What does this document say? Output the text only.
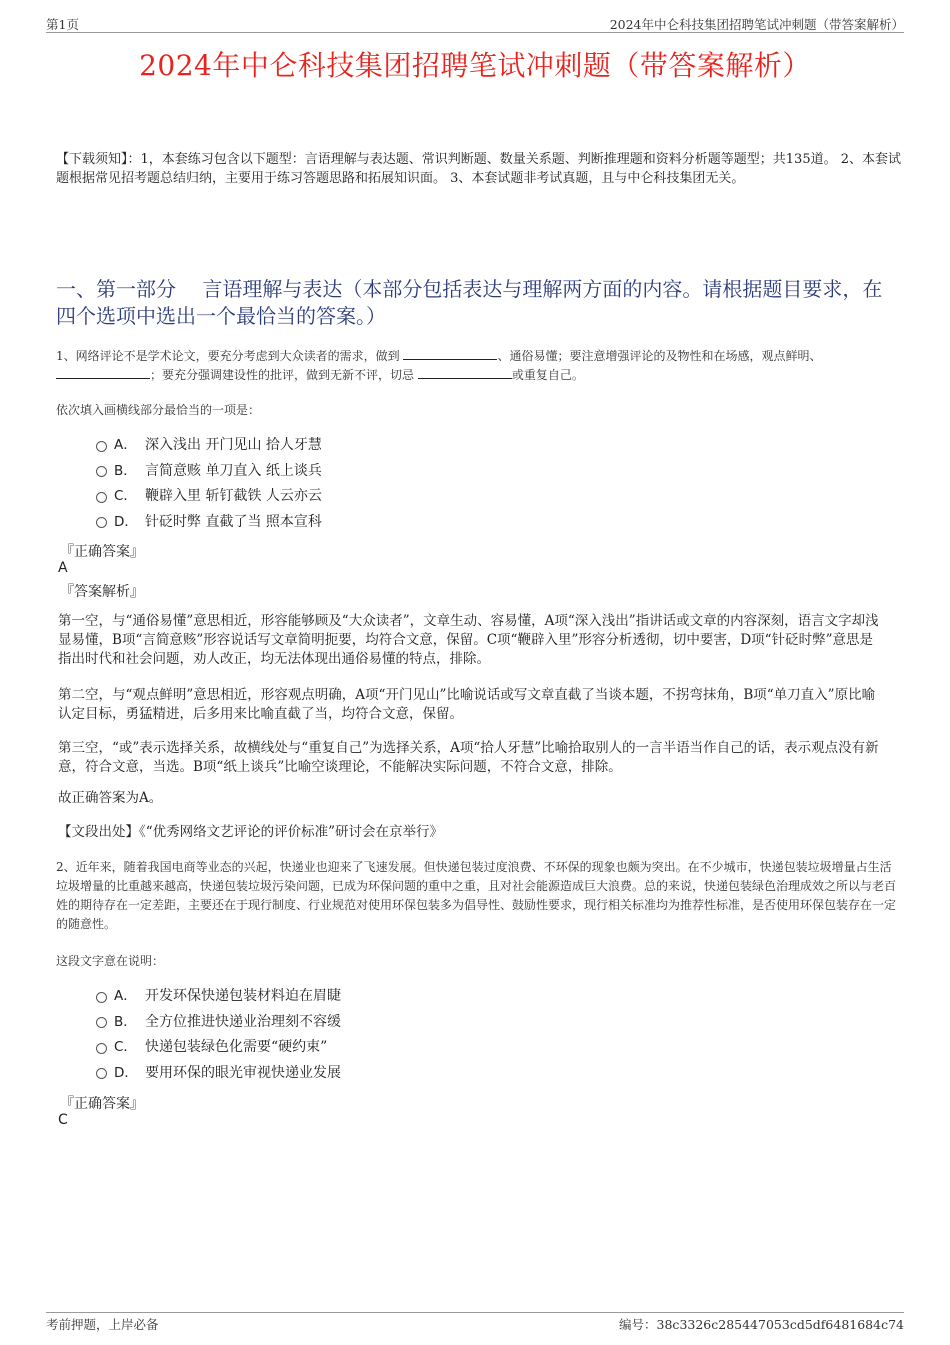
第1页	2024年中仑科技集团招聘笔试冲刺题（带答案解析）
2024年中仑科技集团招聘笔试冲刺题（带答案解析）
【下载须知】：1，本套练习包含以下题型：言语理解与表达题、常识判断题、数量关系题、判断推理题和资料分析题等题型；共135道。 2、本套试题根据常见招考题总结归纳，主要用于练习答题思路和拓展知识面。 3、本套试题非考试真题，且与中仑科技集团无关。
一、第一部分　 言语理解与表达（本部分包括表达与理解两方面的内容。请根据题目要求，在四个选项中选出一个最恰当的答案。）
1、网络评论不是学术论文，要充分考虑到大众读者的需求，做到	、通俗易懂；要注意增强评论的及物性和在场感，观点鲜明、 ；要充分强调建设性的批评，做到无新不评，切忌	或重复自己。
依次填入画横线部分最恰当的一项是：
A． 深入浅出 开门见山 拾人牙慧
B． 言简意赅 单刀直入 纸上谈兵
C． 鞭辟入里 斩钉截铁 人云亦云
D． 针砭时弊 直截了当 照本宣科
『正确答案』
A
『答案解析』
第一空，与“通俗易懂”意思相近，形容能够顾及“大众读者”，文章生动、容易懂，A项“深入浅出”指讲话或文章的内容深刻，语言文字却浅显易懂，B项“言简意赅”形容说话写文章简明扼要，均符合文意，保留。C项“鞭辟入里”形容分析透彻，切中要害，D项“针砭时弊”意思是指出时代和社会问题，劝人改正，均无法体现出通俗易懂的特点，排除。
第二空，与“观点鲜明”意思相近，形容观点明确，A项“开门见山”比喻说话或写文章直截了当谈本题，不拐弯抹角，B项“单刀直入”原比喻认定目标，勇猛精进，后多用来比喻直截了当，均符合文意，保留。
第三空，“或”表示选择关系，故横线处与“重复自己”为选择关系，A项“拾人牙慧”比喻拾取别人的一言半语当作自己的话，表示观点没有新意，符合文意，当选。B项“纸上谈兵”比喻空谈理论，不能解决实际问题，不符合文意，排除。
故正确答案为A。
【文段出处】《“优秀网络文艺评论的评价标准”研讨会在京举行》
2、近年来，随着我国电商等业态的兴起，快递业也迎来了飞速发展。但快递包装过度浪费、不环保的现象也颇为突出。在不少城市，快递包装垃圾增量占生活垃圾增量的比重越来越高，快递包装垃圾污染问题，已成为环保问题的重中之重，且对社会能源造成巨大浪费。总的来说，快递包装绿色治理成效之所以与老百姓的期待存在一定差距，主要还在于现行制度、行业规范对使用环保包装多为倡导性、鼓励性要求，现行相关标准均为推荐性标准，是否使用环保包装存在一定的随意性。
这段文字意在说明：
A． 开发环保快递包装材料迫在眉睫
B． 全方位推进快递业治理刻不容缓
C． 快递包装绿色化需要“硬约束”
D． 要用环保的眼光审视快递业发展
『正确答案』
C
考前押题，上岸必备	编号：38c3326c285447053cd5df6481684c74
